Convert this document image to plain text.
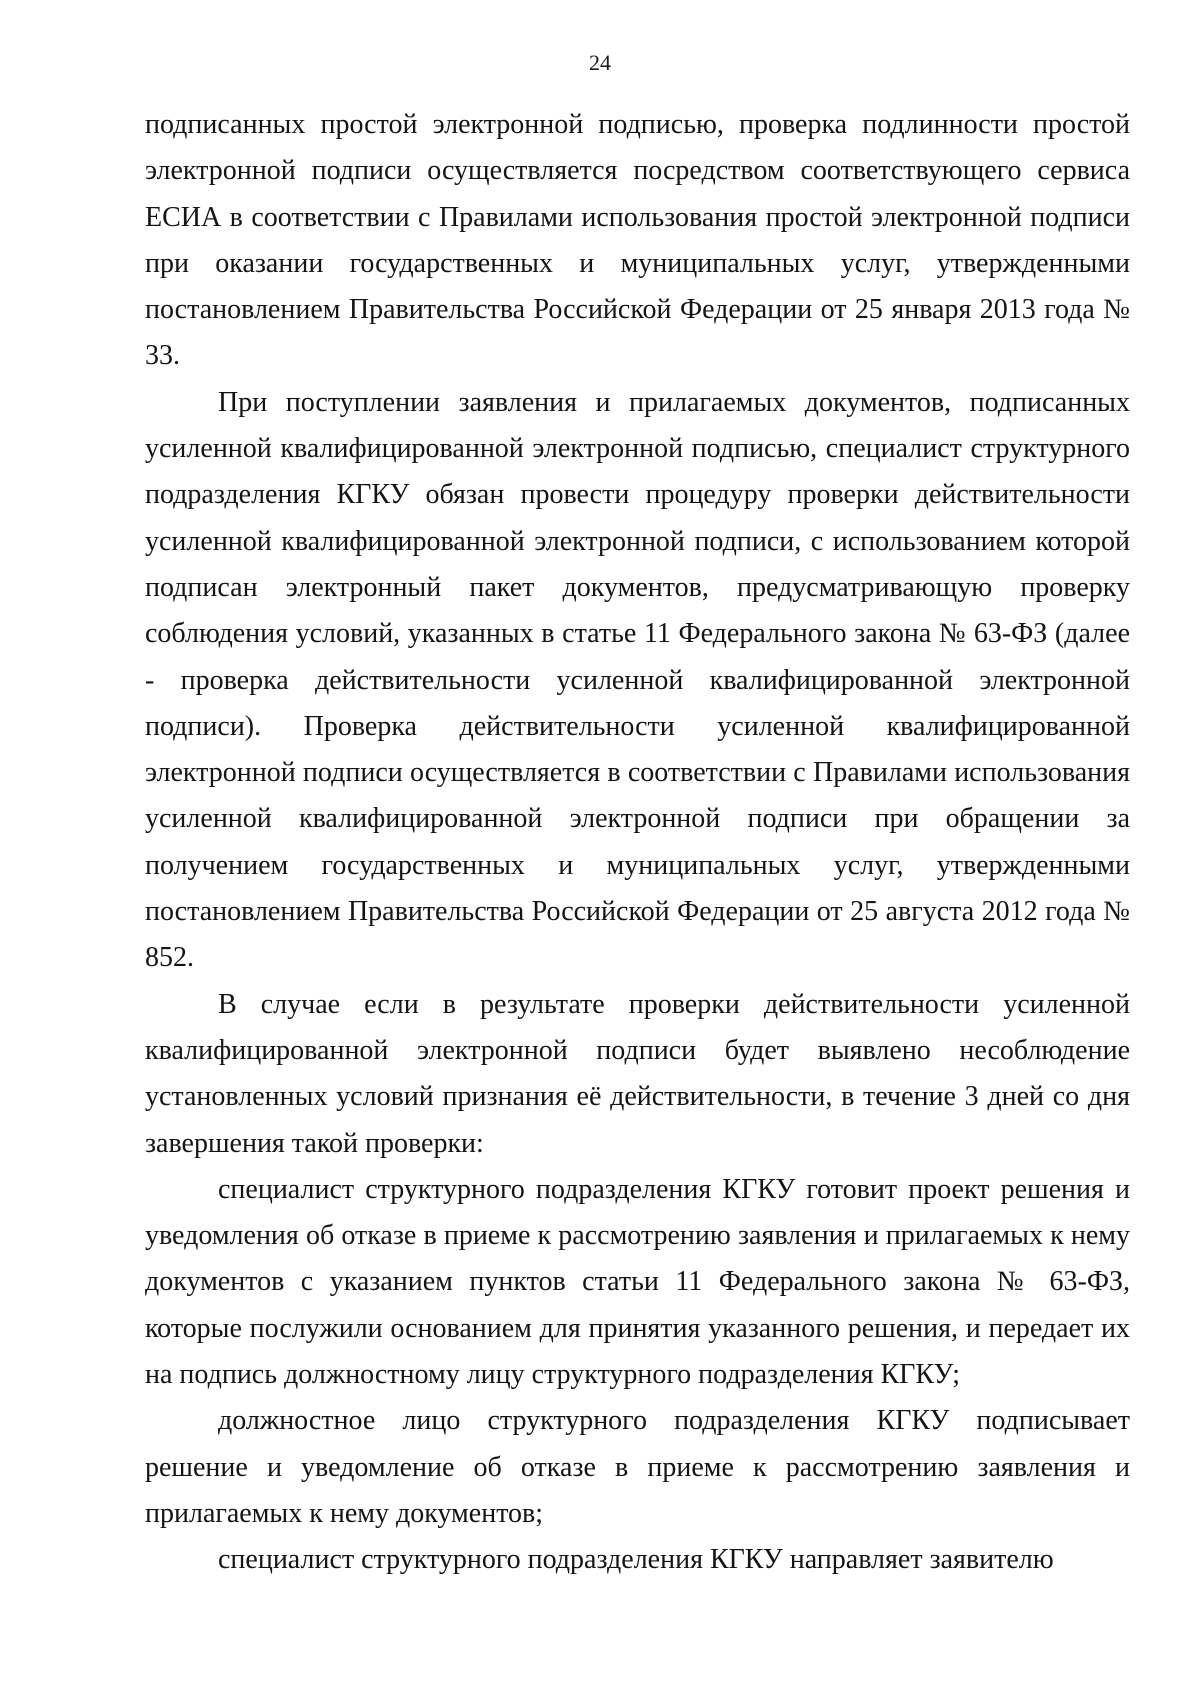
24

подписанных простой электронной подписью, проверка подлинности простой электронной подписи осуществляется посредством соответствующего сервиса ЕСИА в соответствии с Правилами использования простой электронной подписи при оказании государственных и муниципальных услуг, утвержденными постановлением Правительства Российской Федерации от 25 января 2013 года № 33.

При поступлении заявления и прилагаемых документов, подписанных усиленной квалифицированной электронной подписью, специалист структурного подразделения КГКУ обязан провести процедуру проверки действительности усиленной квалифицированной электронной подписи, с использованием которой подписан электронный пакет документов, предусматривающую проверку соблюдения условий, указанных в статье 11 Федерального закона № 63-ФЗ (далее - проверка действительности усиленной квалифицированной электронной подписи). Проверка действительности усиленной квалифицированной электронной подписи осуществляется в соответствии с Правилами использования усиленной квалифицированной электронной подписи при обращении за получением государственных и муниципальных услуг, утвержденными постановлением Правительства Российской Федерации от 25 августа 2012 года № 852.

В случае если в результате проверки действительности усиленной квалифицированной электронной подписи будет выявлено несоблюдение установленных условий признания её действительности, в течение 3 дней со дня завершения такой проверки:

специалист структурного подразделения КГКУ готовит проект решения и уведомления об отказе в приеме к рассмотрению заявления и прилагаемых к нему документов с указанием пунктов статьи 11 Федерального закона № 63-ФЗ, которые послужили основанием для принятия указанного решения, и передает их на подпись должностному лицу структурного подразделения КГКУ;

должностное лицо структурного подразделения КГКУ подписывает решение и уведомление об отказе в приеме к рассмотрению заявления и прилагаемых к нему документов;

специалист структурного подразделения КГКУ направляет заявителю
